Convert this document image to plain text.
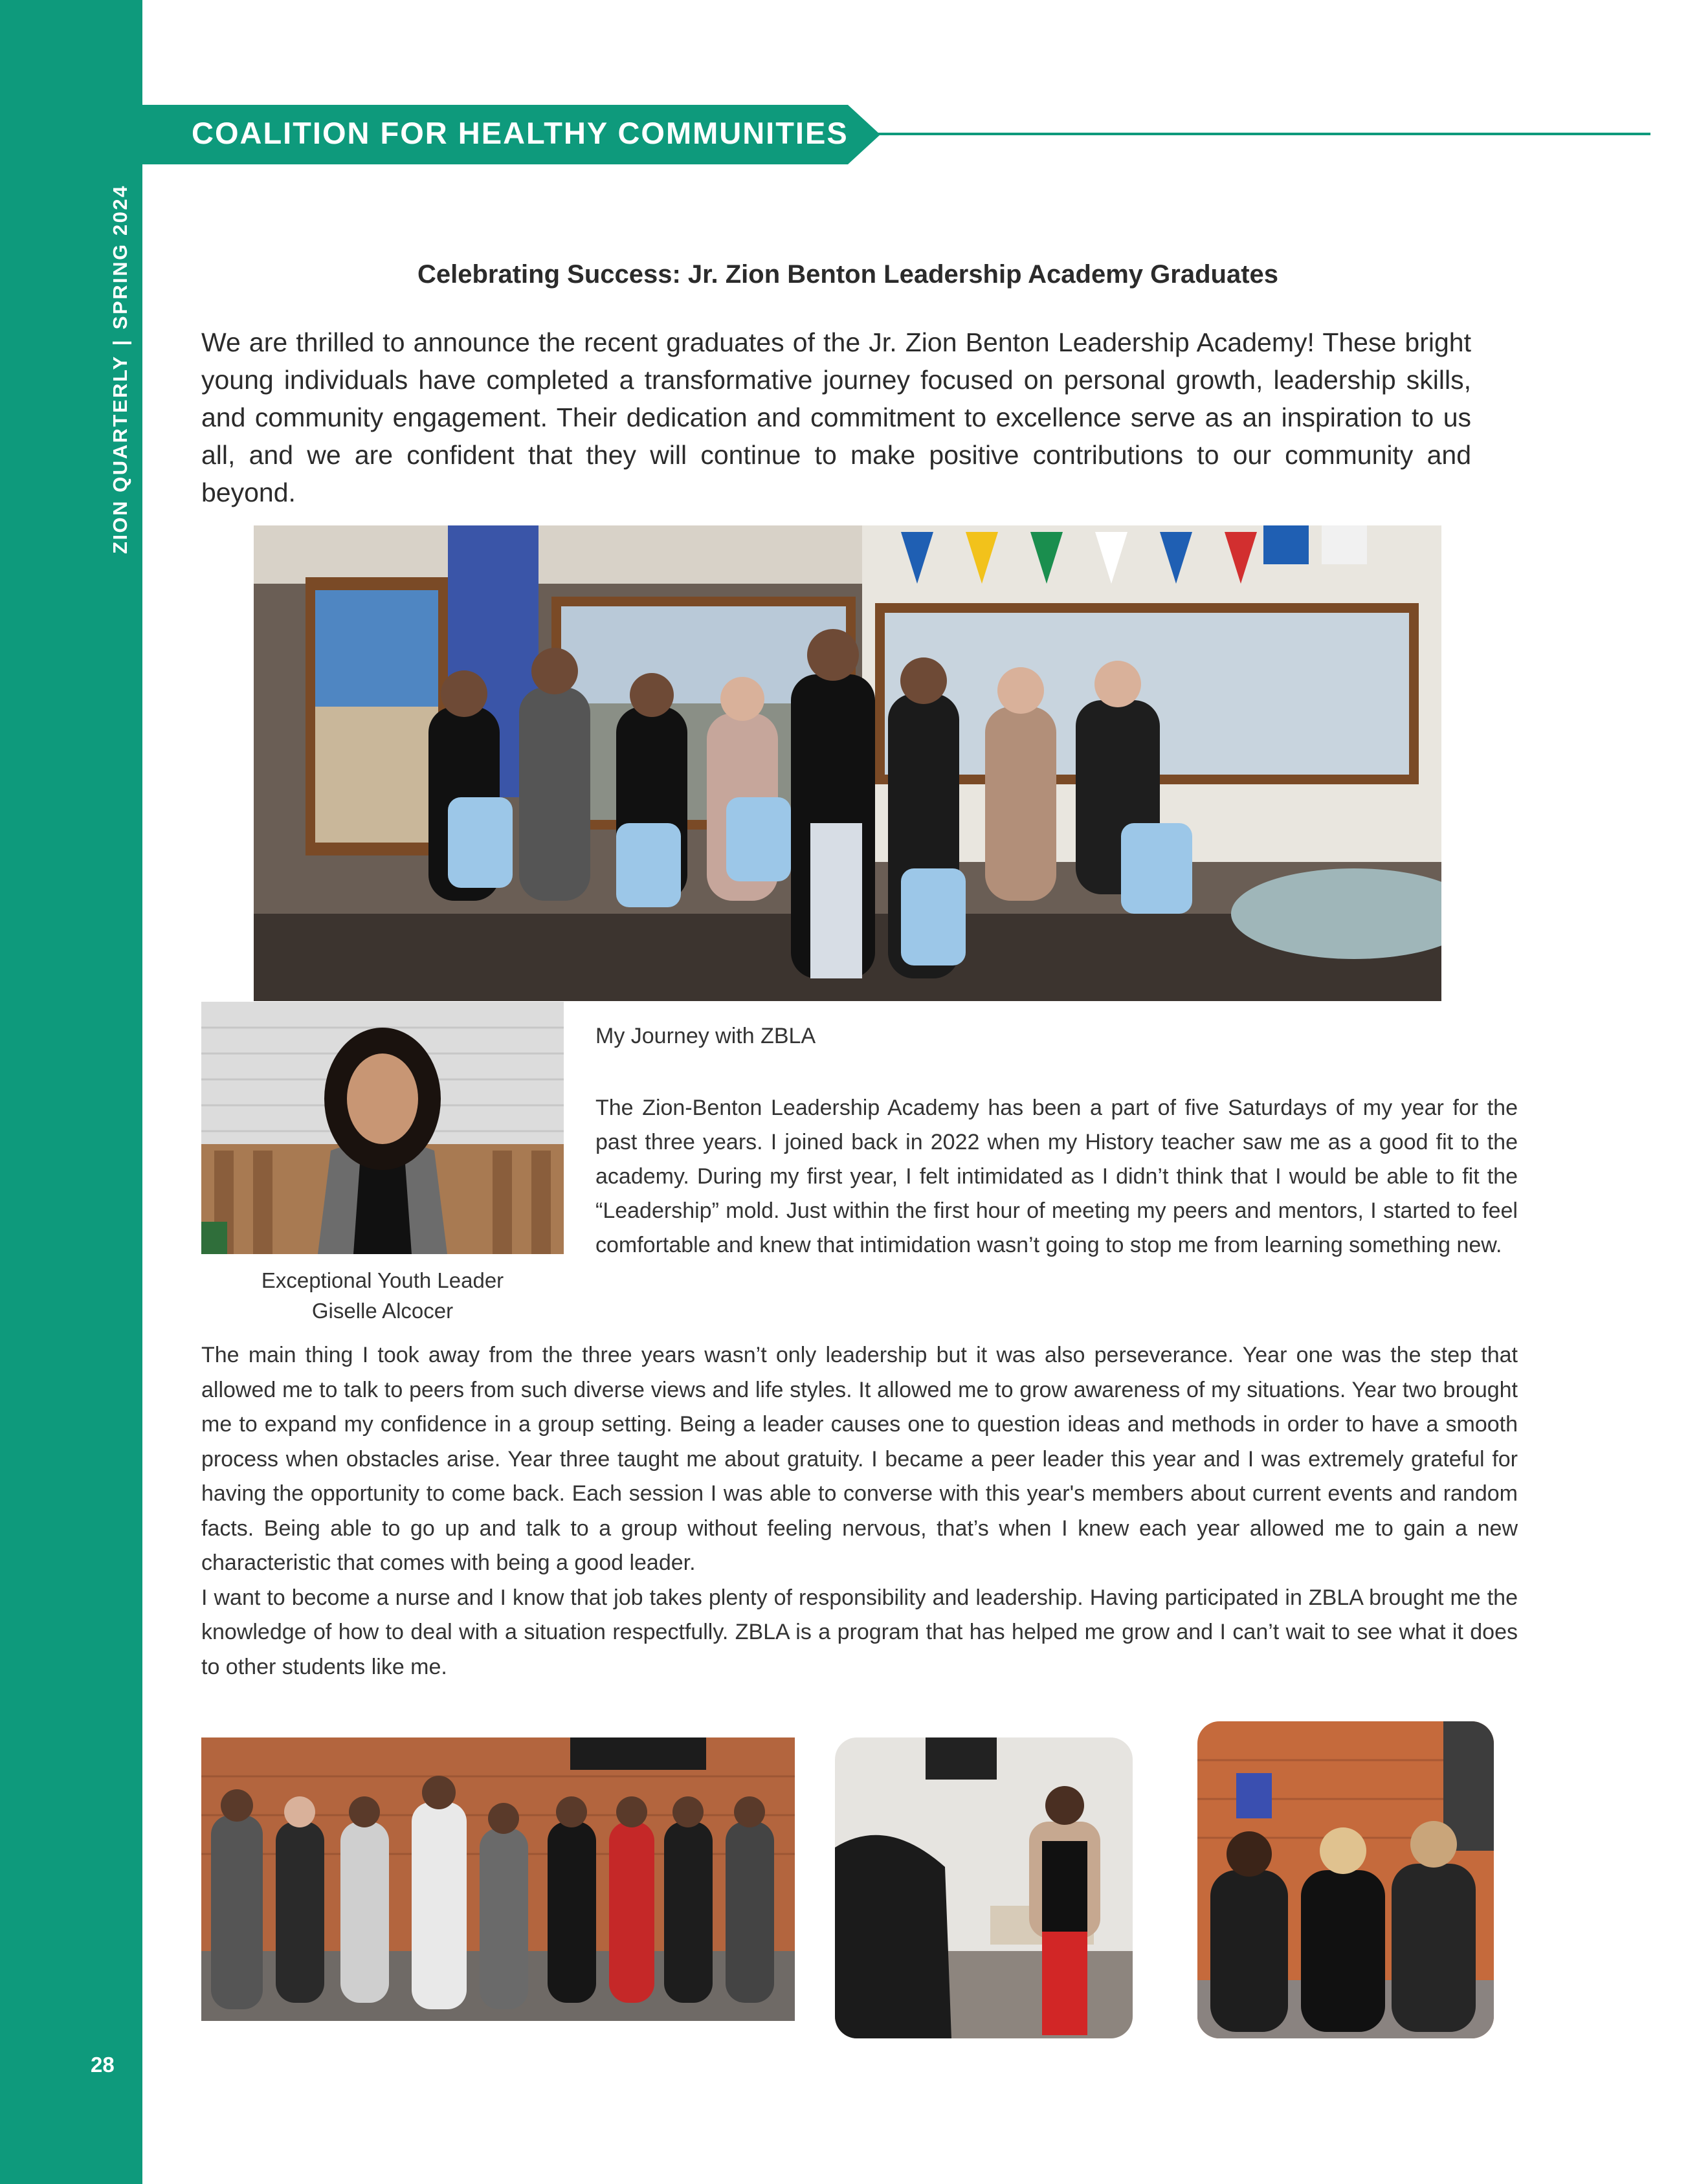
ZION QUARTERLY|SPRING 2024
28
COALITION FOR HEALTHY COMMUNITIES
Celebrating Success: Jr. Zion Benton Leadership Academy Graduates
We are thrilled to announce the recent graduates of the Jr. Zion Benton Leadership Academy! These bright young individuals have completed a transformative journey focused on personal growth, leadership skills, and community engagement. Their dedication and commitment to excellence serve as an inspiration to us all, and we are confident that they will continue to make positive contributions to our community and beyond.
Exceptional Youth Leader
Giselle Alcocer
My Journey with ZBLA
The Zion-Benton Leadership Academy has been a part of five Saturdays of my year for the past three years. I joined back in 2022 when my History teacher saw me as a good fit to the academy. During my first year, I felt intimidated as I didn’t think that I would be able to fit the “Leadership” mold. Just within the first hour of meeting my peers and mentors, I started to feel comfortable and knew that intimidation wasn’t going to stop me from learning something new.

The main thing I took away from the three years wasn’t only leadership but it was also perseverance. Year one was the step that allowed me to talk to peers from such diverse views and life styles. It allowed me to grow awareness of my situations. Year two brought me to expand my confidence in a group setting. Being a leader causes one to question ideas and methods in order to have a smooth process when obstacles arise. Year three taught me about gratuity. I became a peer leader this year and I was extremely grateful for having the opportunity to come back. Each session I was able to converse with this year's members about current events and random facts. Being able to go up and talk to a group without feeling nervous, that’s when I knew each year allowed me to gain a new characteristic that comes with being a good leader.

I want to become a nurse and I know that job takes plenty of responsibility and leadership. Having participated in ZBLA brought me the knowledge of how to deal with a situation respectfully. ZBLA is a program that has helped me grow and I can’t wait to see what it does to other students like me.
